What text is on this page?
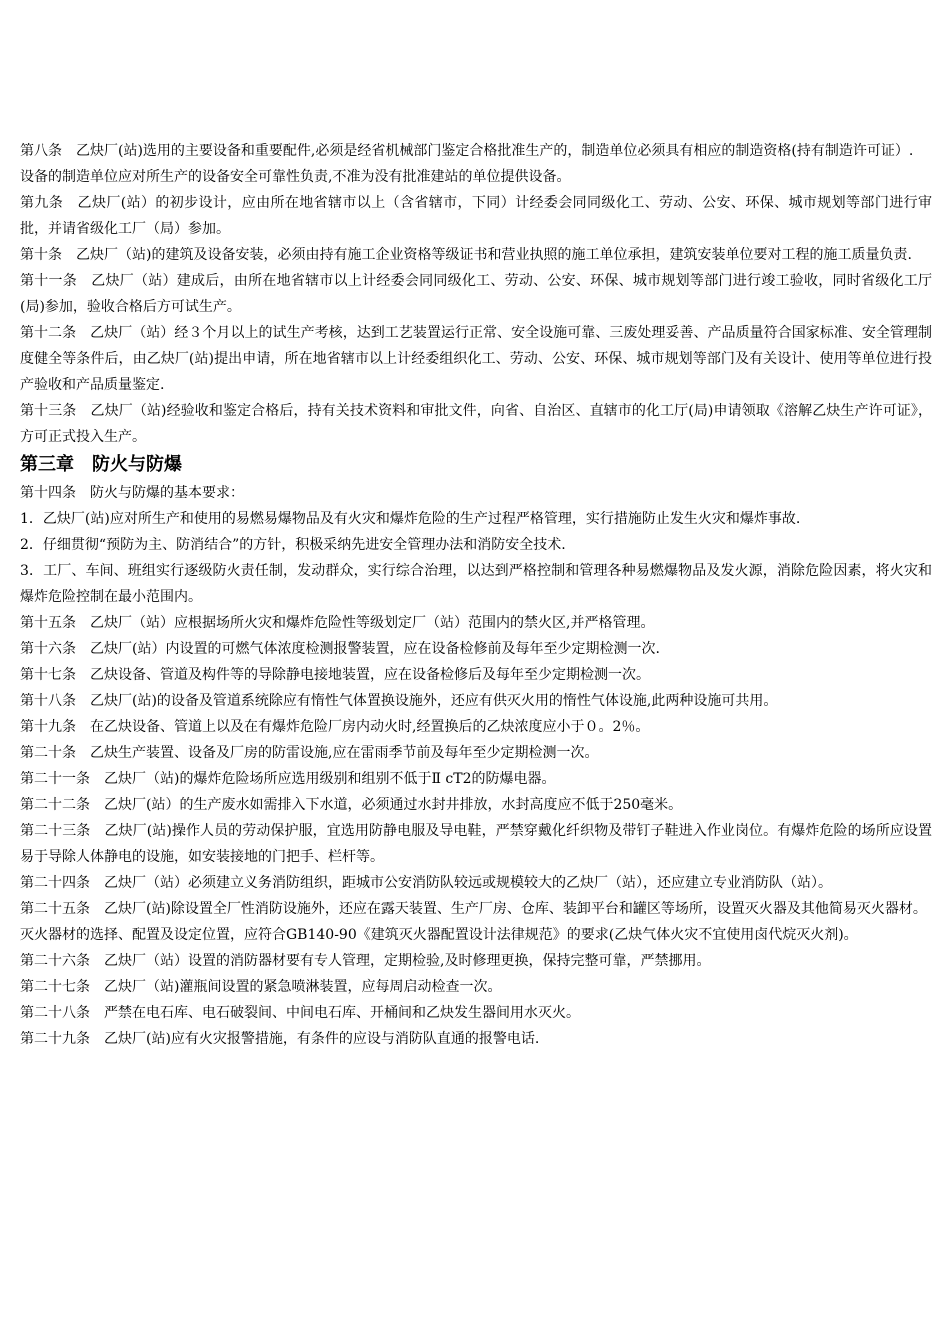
第八条　乙炔厂(站)选用的主要设备和重要配件,必须是经省机械部门鉴定合格批准生产的，制造单位必须具有相应的制造资格(持有制造许可证）.

设备的制造单位应对所生产的设备安全可靠性负责,不准为没有批准建站的单位提供设备。

第九条　乙炔厂(站）的初步设计，应由所在地省辖市以上（含省辖市，下同）计经委会同同级化工、劳动、公安、环保、城市规划等部门进行审批，并请省级化工厂（局）参加。

第十条　乙炔厂（站)的建筑及设备安装，必须由持有施工企业资格等级证书和营业执照的施工单位承担，建筑安装单位要对工程的施工质量负责.

第十一条　乙炔厂（站）建成后，由所在地省辖市以上计经委会同同级化工、劳动、公安、环保、城市规划等部门进行竣工验收，同时省级化工厅(局)参加，验收合格后方可试生产。

第十二条　乙炔厂（站）经３个月以上的试生产考核，达到工艺装置运行正常、安全设施可靠、三废处理妥善、产品质量符合国家标准、安全管理制度健全等条件后，由乙炔厂(站)提出申请，所在地省辖市以上计经委组织化工、劳动、公安、环保、城市规划等部门及有关设计、使用等单位进行投产验收和产品质量鉴定.

第十三条　乙炔厂（站)经验收和鉴定合格后，持有关技术资料和审批文件，向省、自治区、直辖市的化工厅(局)申请领取《溶解乙炔生产许可证》，方可正式投入生产。

第三章　防火与防爆

第十四条　防火与防爆的基本要求：

1．乙炔厂(站)应对所生产和使用的易燃易爆物品及有火灾和爆炸危险的生产过程严格管理，实行措施防止发生火灾和爆炸事故.

2．仔细贯彻“预防为主、防消结合”的方针，积极采纳先进安全管理办法和消防安全技术.

3．工厂、车间、班组实行逐级防火责任制，发动群众，实行综合治理，以达到严格控制和管理各种易燃爆物品及发火源，消除危险因素，将火灾和爆炸危险控制在最小范围内。

第十五条　乙炔厂（站）应根据场所火灾和爆炸危险性等级划定厂（站）范围内的禁火区,并严格管理。

第十六条　乙炔厂(站）内设置的可燃气体浓度检测报警装置，应在设备检修前及每年至少定期检测一次.

第十七条　乙炔设备、管道及构件等的导除静电接地装置，应在设备检修后及每年至少定期检测一次。

第十八条　乙炔厂(站)的设备及管道系统除应有惰性气体置换设施外，还应有供灭火用的惰性气体设施,此两种设施可共用。

第十九条　在乙炔设备、管道上以及在有爆炸危险厂房内动火时,经置换后的乙炔浓度应小于０。2％。

第二十条　乙炔生产装置、设备及厂房的防雷设施,应在雷雨季节前及每年至少定期检测一次。

第二十一条　乙炔厂（站)的爆炸危险场所应选用级别和组别不低于Ⅱ cT2的防爆电器。

第二十二条　乙炔厂(站）的生产废水如需排入下水道，必须通过水封井排放，水封高度应不低于250毫米。

第二十三条　乙炔厂(站)操作人员的劳动保护服，宜选用防静电服及导电鞋，严禁穿戴化纤织物及带钉子鞋进入作业岗位。有爆炸危险的场所应设置易于导除人体静电的设施，如安装接地的门把手、栏杆等。

第二十四条　乙炔厂（站）必须建立义务消防组织，距城市公安消防队较远或规模较大的乙炔厂（站），还应建立专业消防队（站）。

第二十五条　乙炔厂(站)除设置全厂性消防设施外，还应在露天装置、生产厂房、仓库、装卸平台和罐区等场所，设置灭火器及其他简易灭火器材。

灭火器材的选择、配置及设定位置，应符合GB140-90《建筑灭火器配置设计法律规范》的要求(乙炔气体火灾不宜使用卤代烷灭火剂)。

第二十六条　乙炔厂（站）设置的消防器材要有专人管理，定期检验,及时修理更换，保持完整可靠，严禁挪用。

第二十七条　乙炔厂（站)灌瓶间设置的紧急喷淋装置，应每周启动检查一次。

第二十八条　严禁在电石库、电石破裂间、中间电石库、开桶间和乙炔发生器间用水灭火。

第二十九条　乙炔厂(站)应有火灾报警措施，有条件的应设与消防队直通的报警电话.
